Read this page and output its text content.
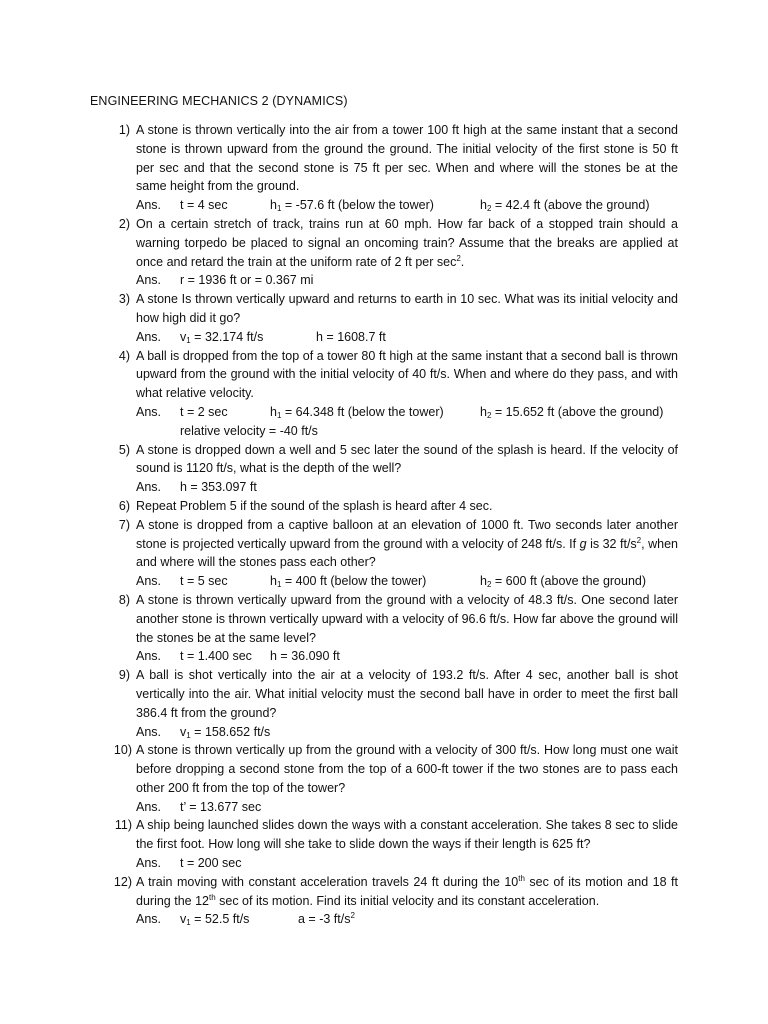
ENGINEERING MECHANICS 2 (DYNAMICS)
1) A stone is thrown vertically into the air from a tower 100 ft high at the same instant that a second stone is thrown upward from the ground the ground. The initial velocity of the first stone is 50 ft per sec and that the second stone is 75 ft per sec. When and where will the stones be at the same height from the ground.
Ans. t = 4 sec	$h_1 = -57.6$ ft (below the tower)	$h_2 = 42.4$ ft (above the ground)
2) On a certain stretch of track, trains run at 60 mph. How far back of a stopped train should a warning torpedo be placed to signal an oncoming train? Assume that the breaks are applied at once and retard the train at the uniform rate of 2 ft per $\sec^2$.
Ans. r = 1936 ft or = 0.367 mi
3) A stone Is thrown vertically upward and returns to earth in 10 sec. What was its initial velocity and how high did it go?
Ans. $v_1 = 32.174$ ft/s	h = 1608.7 ft
4) A ball is dropped from the top of a tower 80 ft high at the same instant that a second ball is thrown upward from the ground with the initial velocity of 40 ft/s. When and where do they pass, and with what relative velocity.
Ans. t = 2 sec	$h_1 = 64.348$ ft (below the tower)	$h_2 = 15.652$ ft (above the ground)
relative velocity = -40 ft/s
5) A stone is dropped down a well and 5 sec later the sound of the splash is heard. If the velocity of sound is 1120 ft/s, what is the depth of the well?
Ans. h = 353.097 ft
6) Repeat Problem 5 if the sound of the splash is heard after 4 sec.
7) A stone is dropped from a captive balloon at an elevation of 1000 ft. Two seconds later another stone is projected vertically upward from the ground with a velocity of 248 ft/s. If g is 32 $ft/s^2$, when and where will the stones pass each other?
Ans. t = 5 sec	$h_1 = 400$ ft (below the tower)	$h_2 = 600$ ft (above the ground)
8) A stone is thrown vertically upward from the ground with a velocity of 48.3 ft/s. One second later another stone is thrown vertically upward with a velocity of 96.6 ft/s. How far above the ground will the stones be at the same level?
Ans. t = 1.400 sec h = 36.090 ft
9) A ball is shot vertically into the air at a velocity of 193.2 ft/s. After 4 sec, another ball is shot vertically into the air. What initial velocity must the second ball have in order to meet the first ball 386.4 ft from the ground?
Ans. $v_1 = 158.652$ ft/s
10) A stone is thrown vertically up from the ground with a velocity of 300 ft/s. How long must one wait before dropping a second stone from the top of a 600-ft tower if the two stones are to pass each other 200 ft from the top of the tower?
Ans. t’ = 13.677 sec
11) A ship being launched slides down the ways with a constant acceleration. She takes 8 sec to slide the first foot. How long will she take to slide down the ways if their length is 625 ft?
Ans. t = 200 sec
12) A train moving with constant acceleration travels 24 ft during the 10th sec of its motion and 18 ft during the 12th sec of its motion. Find its initial velocity and its constant acceleration.
Ans. $v_1 = 52.5$ ft/s	a = -3 $ft/s^2$
